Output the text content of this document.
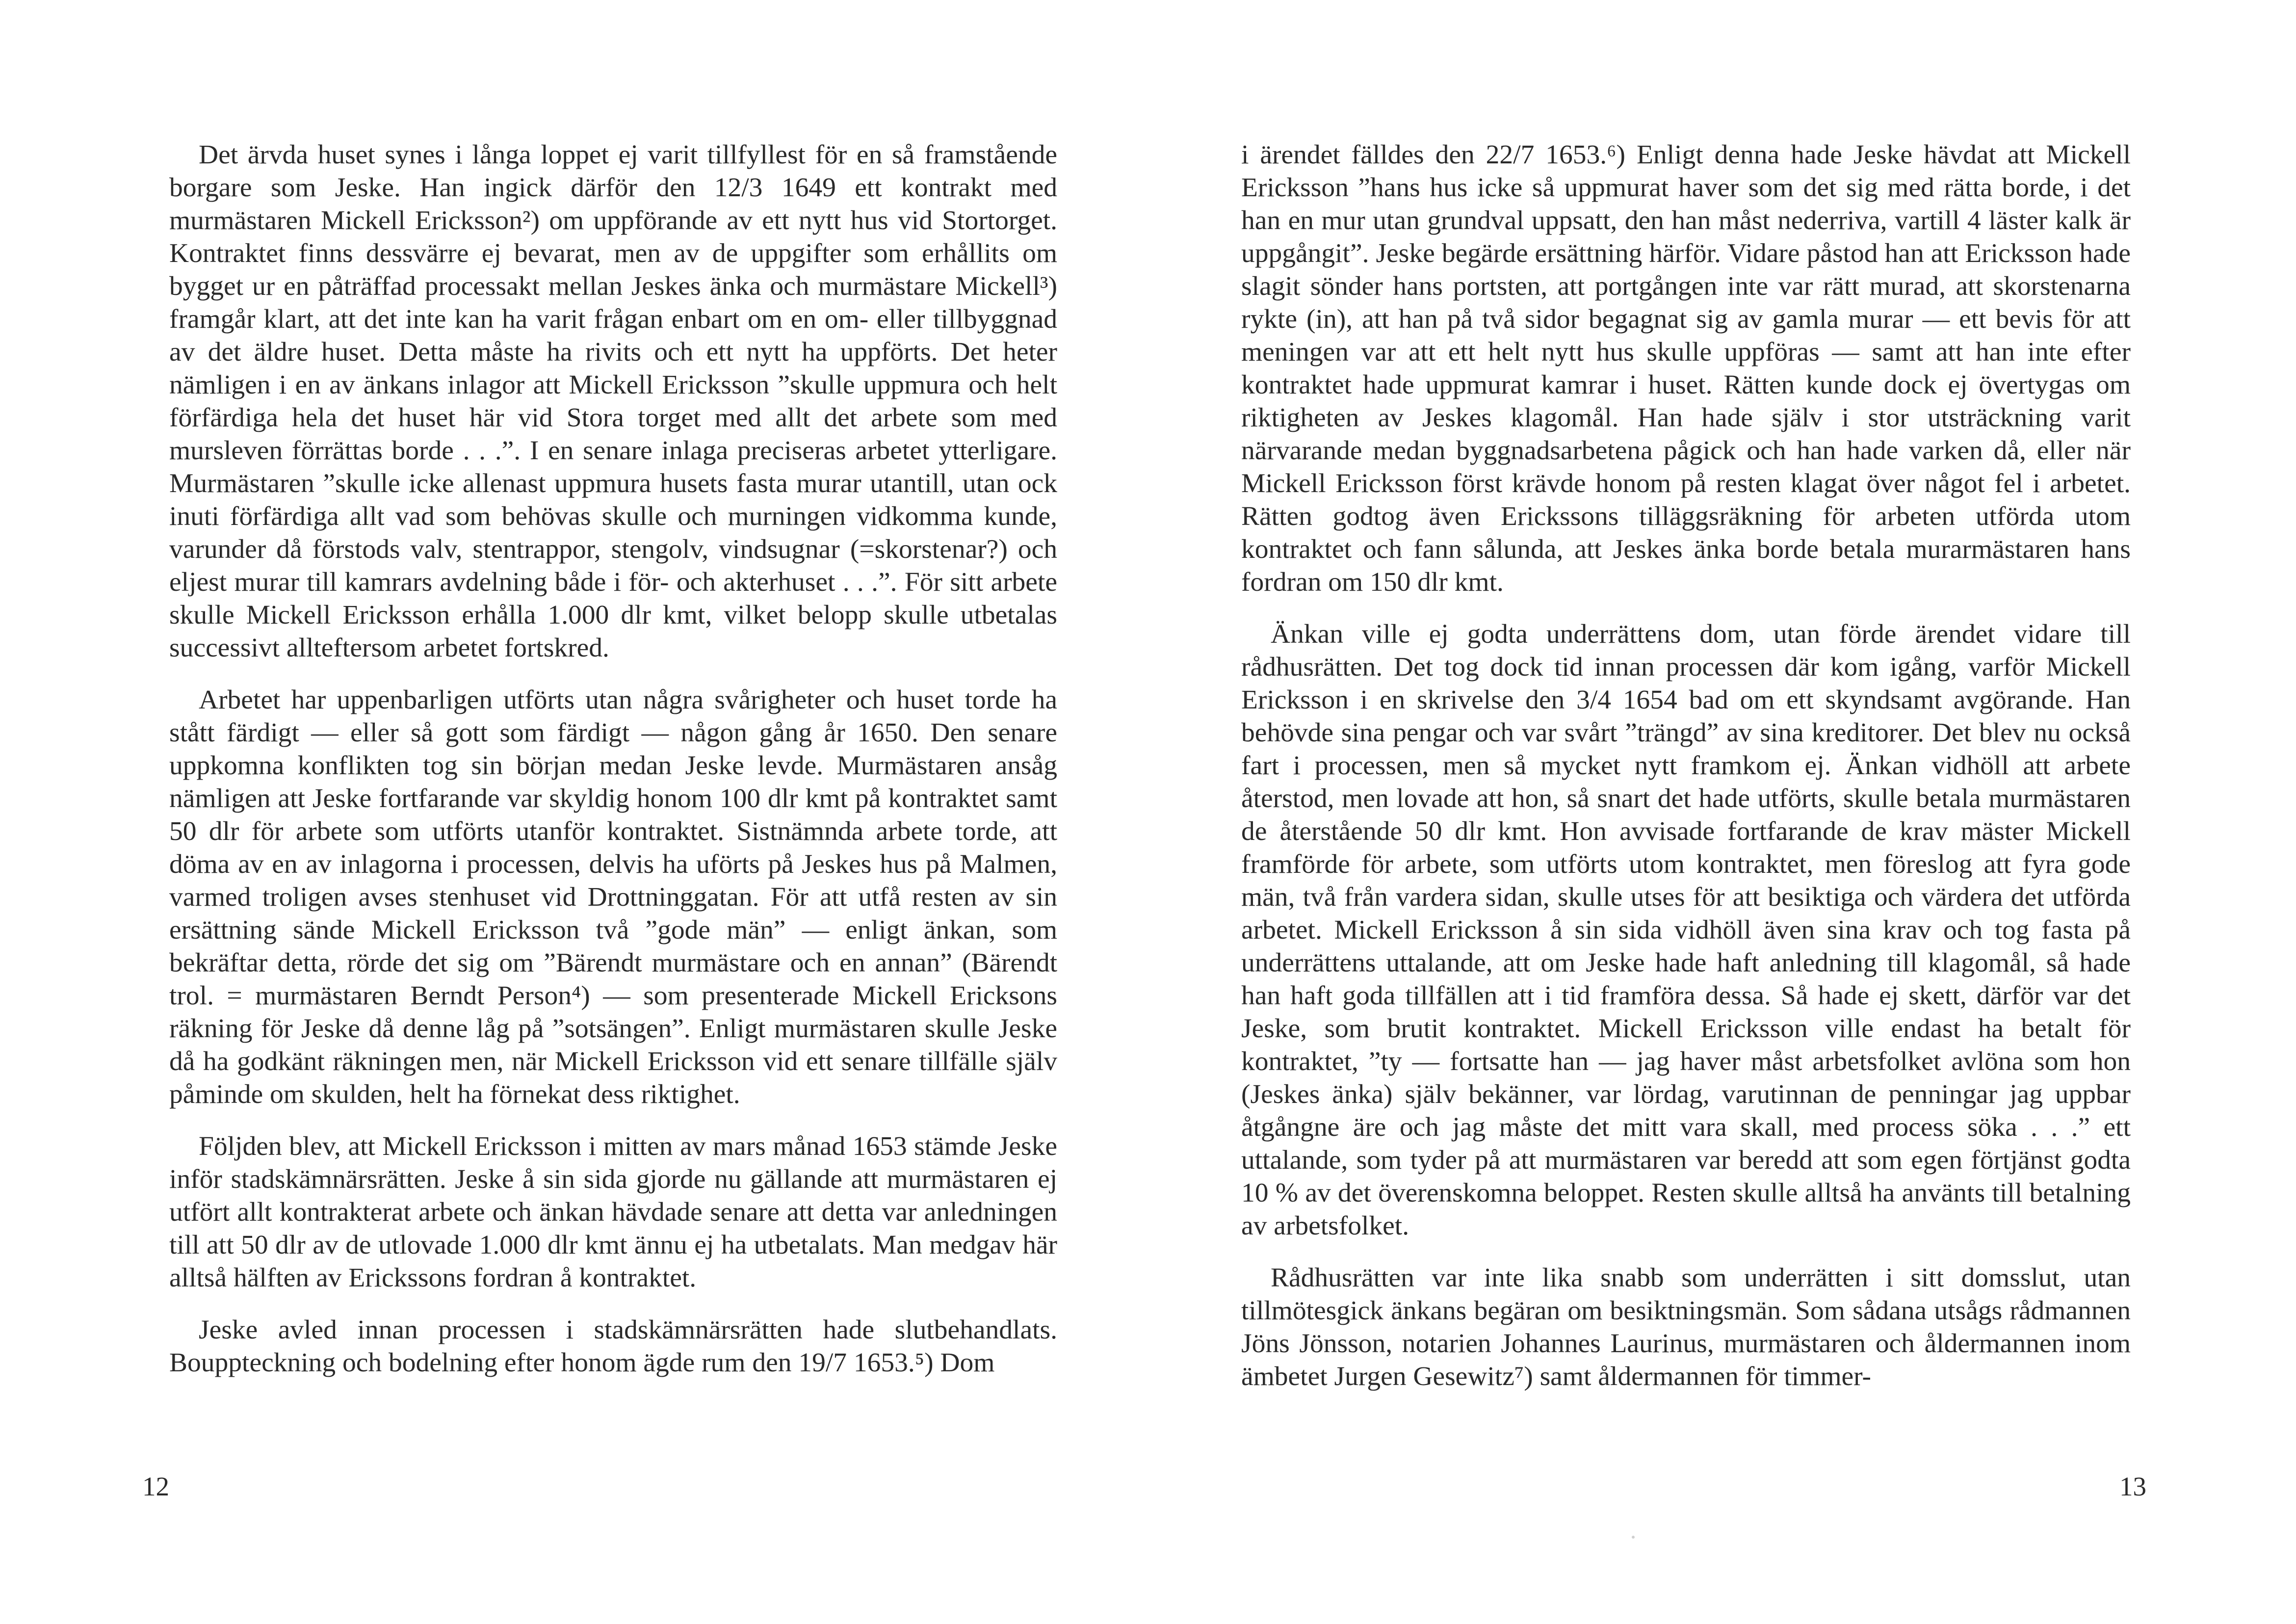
Det ärvda huset synes i långa loppet ej varit tillfyllest för en så framstående borgare som Jeske. Han ingick därför den 12/3 1649 ett kontrakt med murmästaren Mickell Ericksson²) om uppförande av ett nytt hus vid Stortorget. Kontraktet finns dessvärre ej bevarat, men av de uppgifter som erhållits om bygget ur en påträffad processakt mellan Jeskes änka och murmästare Mickell³) framgår klart, att det inte kan ha varit frågan enbart om en om- eller tillbyggnad av det äldre huset. Detta måste ha rivits och ett nytt ha uppförts. Det heter nämligen i en av änkans inlagor att Mickell Ericksson ”skulle uppmura och helt förfärdiga hela det huset här vid Stora torget med allt det arbete som med mursleven förrättas borde . . .”. I en senare inlaga preciseras arbetet ytterligare. Murmästaren ”skulle icke allenast uppmura husets fasta murar utantill, utan ock inuti förfärdiga allt vad som behövas skulle och murningen vidkomma kunde, varunder då förstods valv, stentrappor, stengolv, vindsugnar (=skorstenar?) och eljest murar till kamrars avdelning både i för- och akterhuset . . .”. För sitt arbete skulle Mickell Ericksson erhålla 1.000 dlr kmt, vilket belopp skulle utbetalas successivt allteftersom arbetet fortskred.

Arbetet har uppenbarligen utförts utan några svårigheter och huset torde ha stått färdigt — eller så gott som färdigt — någon gång år 1650. Den senare uppkomna konflikten tog sin början medan Jeske levde. Murmästaren ansåg nämligen att Jeske fortfarande var skyldig honom 100 dlr kmt på kontraktet samt 50 dlr för arbete som utförts utanför kontraktet. Sistnämnda arbete torde, att döma av en av inlagorna i processen, delvis ha uförts på Jeskes hus på Malmen, varmed troligen avses stenhuset vid Drottninggatan. För att utfå resten av sin ersättning sände Mickell Ericksson två ”gode män” — enligt änkan, som bekräftar detta, rörde det sig om ”Bärendt murmästare och en annan” (Bärendt trol. = murmästaren Berndt Person⁴) — som presenterade Mickell Ericksons räkning för Jeske då denne låg på ”sotsängen”. Enligt murmästaren skulle Jeske då ha godkänt räkningen men, när Mickell Ericksson vid ett senare tillfälle själv påminde om skulden, helt ha förnekat dess riktighet.

Följden blev, att Mickell Ericksson i mitten av mars månad 1653 stämde Jeske inför stadskämnärsrätten. Jeske å sin sida gjorde nu gällande att murmästaren ej utfört allt kontrakterat arbete och änkan hävdade senare att detta var anledningen till att 50 dlr av de utlovade 1.000 dlr kmt ännu ej ha utbetalats. Man medgav här alltså hälften av Erickssons fordran å kontraktet.

Jeske avled innan processen i stadskämnärsrätten hade slutbehandlats. Bouppteckning och bodelning efter honom ägde rum den 19/7 1653.⁵) Dom

12

i ärendet fälldes den 22/7 1653.⁶) Enligt denna hade Jeske hävdat att Mickell Ericksson ”hans hus icke så uppmurat haver som det sig med rätta borde, i det han en mur utan grundval uppsatt, den han måst nederriva, vartill 4 läster kalk är uppgångit”. Jeske begärde ersättning härför. Vidare påstod han att Ericksson hade slagit sönder hans portsten, att portgången inte var rätt murad, att skorstenarna rykte (in), att han på två sidor begagnat sig av gamla murar — ett bevis för att meningen var att ett helt nytt hus skulle uppföras — samt att han inte efter kontraktet hade uppmurat kamrar i huset. Rätten kunde dock ej övertygas om riktigheten av Jeskes klagomål. Han hade själv i stor utsträckning varit närvarande medan byggnadsarbetena pågick och han hade varken då, eller när Mickell Ericksson först krävde honom på resten klagat över något fel i arbetet. Rätten godtog även Erickssons tilläggsräkning för arbeten utförda utom kontraktet och fann sålunda, att Jeskes änka borde betala murarmästaren hans fordran om 150 dlr kmt.

Änkan ville ej godta underrättens dom, utan förde ärendet vidare till rådhusrätten. Det tog dock tid innan processen där kom igång, varför Mickell Ericksson i en skrivelse den 3/4 1654 bad om ett skyndsamt avgörande. Han behövde sina pengar och var svårt ”trängd” av sina kreditorer. Det blev nu också fart i processen, men så mycket nytt framkom ej. Änkan vidhöll att arbete återstod, men lovade att hon, så snart det hade utförts, skulle betala murmästaren de återstående 50 dlr kmt. Hon avvisade fortfarande de krav mäster Mickell framförde för arbete, som utförts utom kontraktet, men föreslog att fyra gode män, två från vardera sidan, skulle utses för att besiktiga och värdera det utförda arbetet. Mickell Ericksson å sin sida vidhöll även sina krav och tog fasta på underrättens uttalande, att om Jeske hade haft anledning till klagomål, så hade han haft goda tillfällen att i tid framföra dessa. Så hade ej skett, därför var det Jeske, som brutit kontraktet. Mickell Ericksson ville endast ha betalt för kontraktet, ”ty — fortsatte han — jag haver måst arbetsfolket avlöna som hon (Jeskes änka) själv bekänner, var lördag, varutinnan de penningar jag uppbar åtgångne äre och jag måste det mitt vara skall, med process söka . . .” ett uttalande, som tyder på att murmästaren var beredd att som egen förtjänst godta 10 % av det överenskomna beloppet. Resten skulle alltså ha använts till betalning av arbetsfolket.

Rådhusrätten var inte lika snabb som underrätten i sitt domsslut, utan tillmötesgick änkans begäran om besiktningsmän. Som sådana utsågs rådmannen Jöns Jönsson, notarien Johannes Laurinus, murmästaren och åldermannen inom ämbetet Jurgen Gesewitz⁷) samt åldermannen för timmer-

13
